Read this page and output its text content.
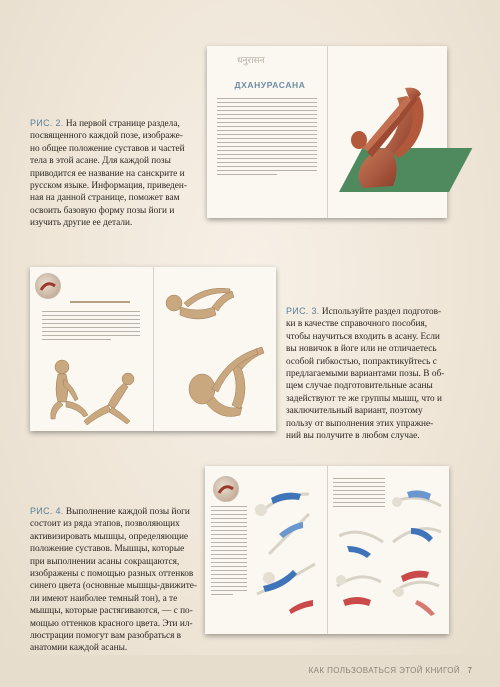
РИС. 2. На первой странице раздела,
посвященного каждой позе, изображе-
но общее положение суставов и частей
тела в этой асане. Для каждой позы
приводится ее название на санскрите и
русском языке. Информация, приведен-
ная на данной странице, поможет вам
освоить базовую форму позы йоги и
изучить другие ее детали.
धनुरासन
ДХАНУРАСАНА
РИС. 3. Используйте раздел подготов-
ки в качестве справочного пособия,
чтобы научиться входить в асану. Если
вы новичок в йоге или не отличаетесь
особой гибкостью, попрактикуйтесь с
предлагаемыми вариантами позы. В об-
щем случае подготовительные асаны
задействуют те же группы мышц, что и
заключительный вариант, поэтому
пользу от выполнения этих упражне-
ний вы получите в любом случае.
РИС. 4. Выполнение каждой позы йоги
состоит из ряда этапов, позволяющих
активизировать мышцы, определяющие
положение суставов. Мышцы, которые
при выполнении асаны сокращаются,
изображены с помощью разных оттенков
синего цвета (основные мышцы-движите-
ли имеют наиболее темный тон), а те
мышцы, которые растягиваются, — с по-
мощью оттенков красного цвета. Эти ил-
люстрации помогут вам разобраться в
анатомии каждой асаны.
КАК ПОЛЬЗОВАТЬСЯ ЭТОЙ КНИГОЙ 7
